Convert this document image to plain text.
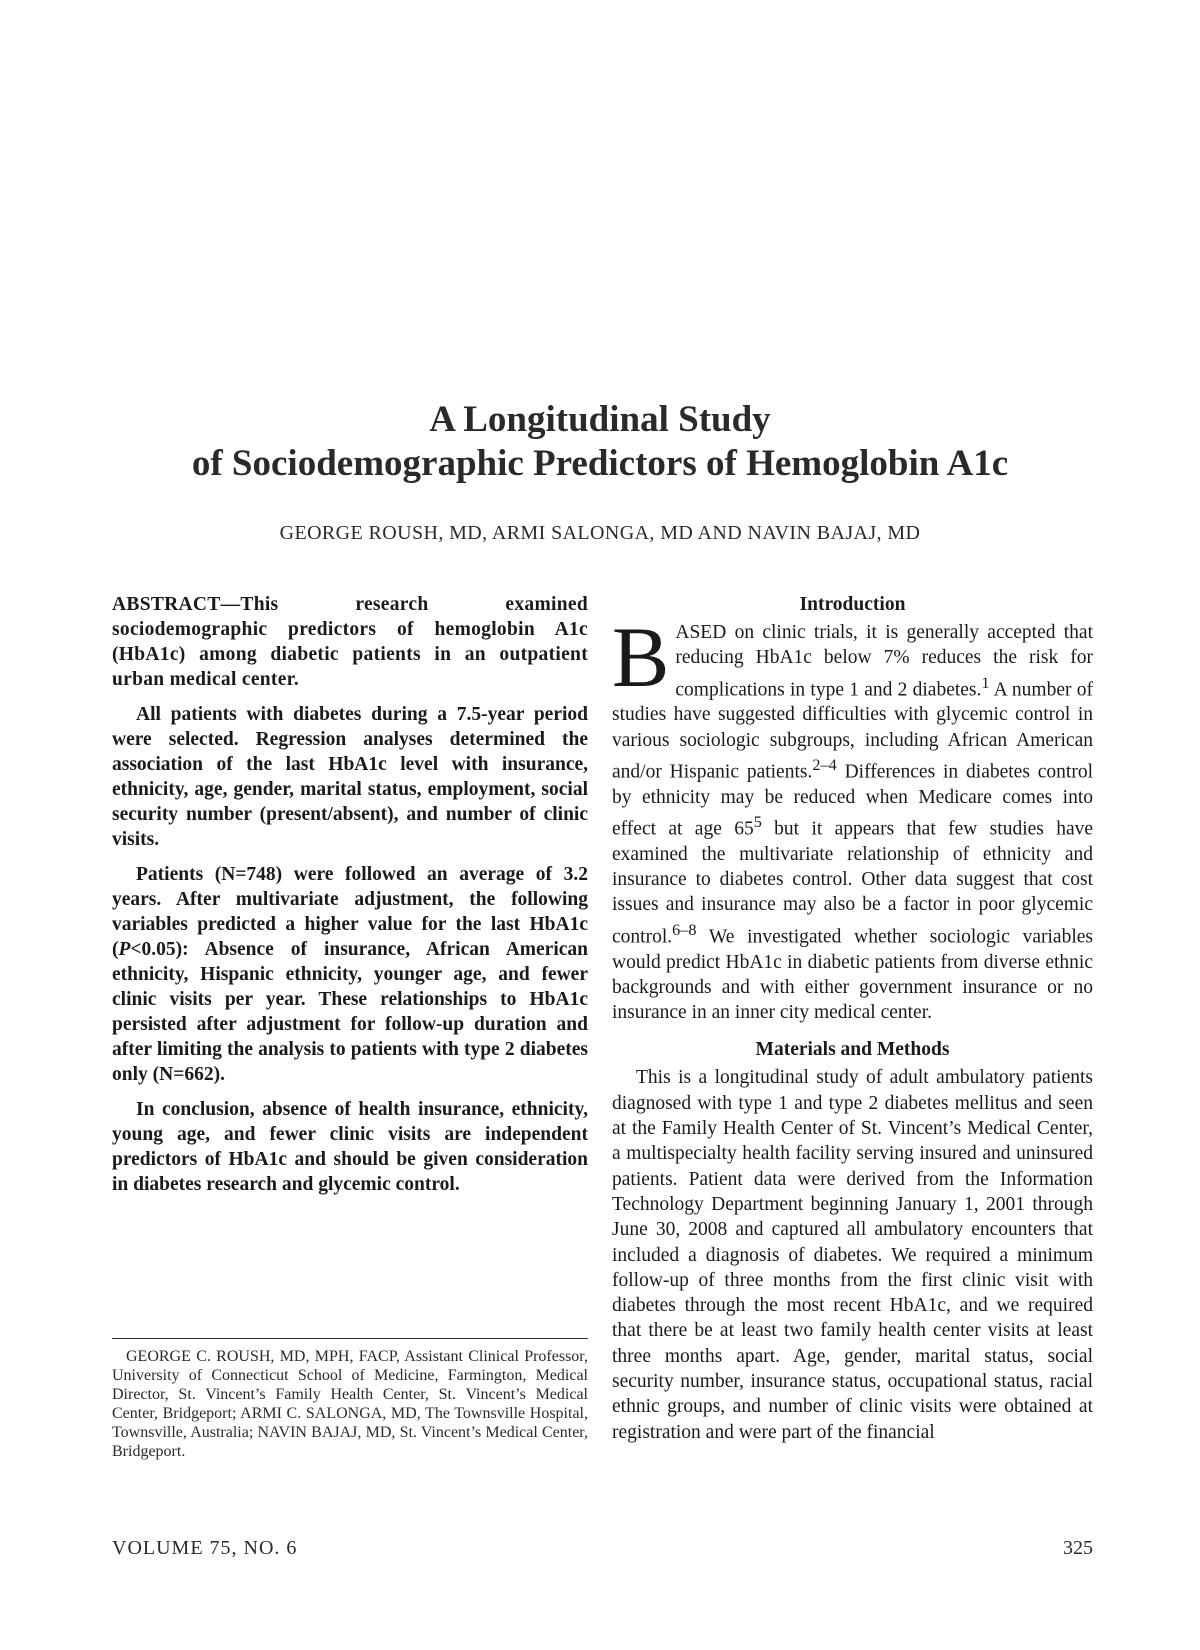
A Longitudinal Study
of Sociodemographic Predictors of Hemoglobin A1c
GEORGE ROUSH, MD, ARMI SALONGA, MD AND NAVIN BAJAJ, MD

ABSTRACT—This research examined sociodemographic predictors of hemoglobin A1c (HbA1c) among diabetic patients in an outpatient urban medical center.

All patients with diabetes during a 7.5-year period were selected. Regression analyses determined the association of the last HbA1c level with insurance, ethnicity, age, gender, marital status, employment, social security number (present/absent), and number of clinic visits.

Patients (N=748) were followed an average of 3.2 years. After multivariate adjustment, the following variables predicted a higher value for the last HbA1c (P<0.05): Absence of insurance, African American ethnicity, Hispanic ethnicity, younger age, and fewer clinic visits per year. These relationships to HbA1c persisted after adjustment for follow-up duration and after limiting the analysis to patients with type 2 diabetes only (N=662).

In conclusion, absence of health insurance, ethnicity, young age, and fewer clinic visits are independent predictors of HbA1c and should be given consideration in diabetes research and glycemic control.

GEORGE C. ROUSH, MD, MPH, FACP, Assistant Clinical Professor, University of Connecticut School of Medicine, Farmington, Medical Director, St. Vincent’s Family Health Center, St. Vincent’s Medical Center, Bridgeport; ARMI C. SALONGA, MD, The Townsville Hospital, Townsville, Australia; NAVIN BAJAJ, MD, St. Vincent’s Medical Center, Bridgeport.
Introduction

BASED on clinic trials, it is generally accepted that reducing HbA1c below 7% reduces the risk for complications in type 1 and 2 diabetes.$^1$ A number of studies have suggested difficulties with glycemic control in various sociologic subgroups, including African American and/or Hispanic patients.$^{2-4}$ Differences in diabetes control by ethnicity may be reduced when Medicare comes into effect at age $65^5$ but it appears that few studies have examined the multivariate relationship of ethnicity and insurance to diabetes control. Other data suggest that cost issues and insurance may also be a factor in poor glycemic control.$^{6-8}$ We investigated whether sociologic variables would predict HbA1c in diabetic patients from diverse ethnic backgrounds and with either government insurance or no insurance in an inner city medical center.

Materials and Methods

This is a longitudinal study of adult ambulatory patients diagnosed with type 1 and type 2 diabetes mellitus and seen at the Family Health Center of St. Vincent’s Medical Center, a multispecialty health facility serving insured and uninsured patients. Patient data were derived from the Information Technology Department beginning January 1, 2001 through June 30, 2008 and captured all ambulatory encounters that included a diagnosis of diabetes. We required a minimum follow-up of three months from the first clinic visit with diabetes through the most recent HbA1c, and we required that there be at least two family health center visits at least three months apart. Age, gender, marital status, social security number, insurance status, occupational status, racial ethnic groups, and number of clinic visits were obtained at registration and were part of the financial

VOLUME 75, NO. 6	325
